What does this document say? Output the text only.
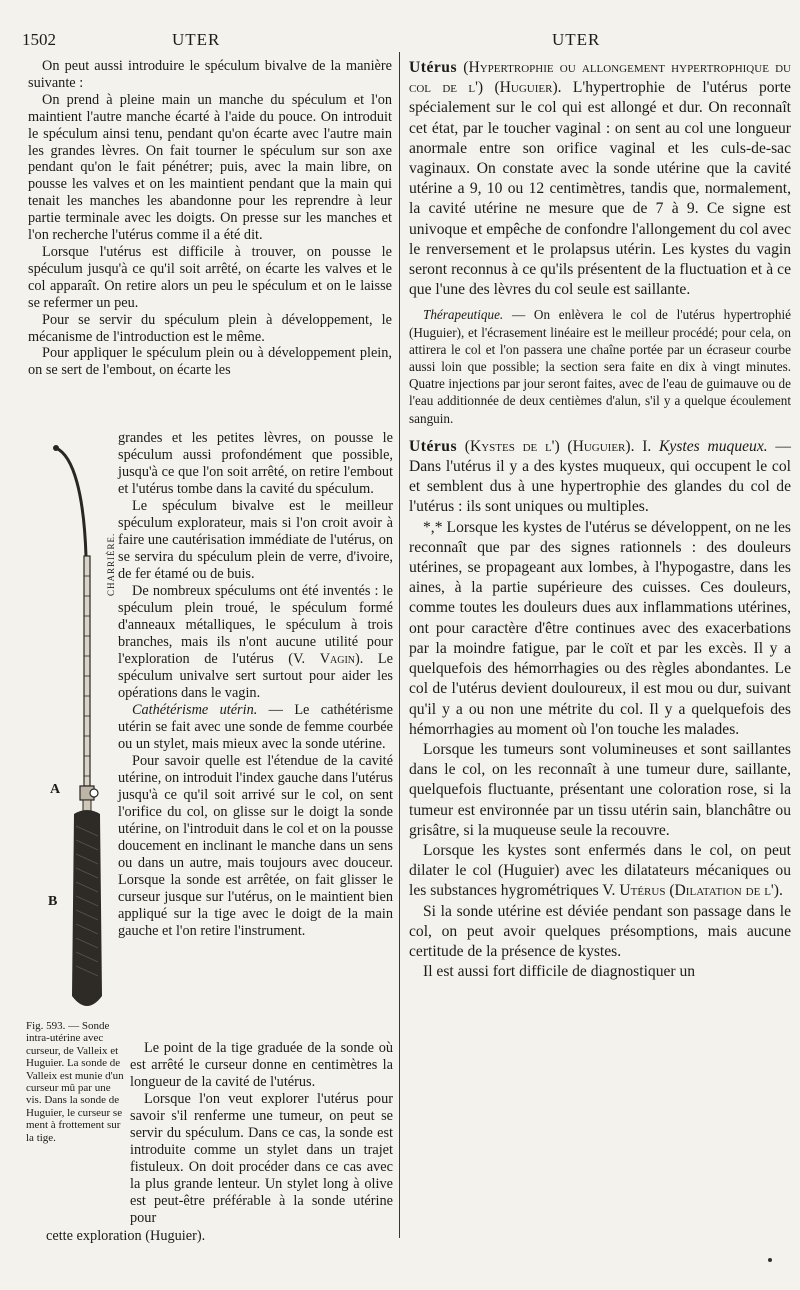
1502	UTER	UTER

On peut aussi introduire le spéculum bivalve de la manière suivante :

On prend à pleine main un manche du spéculum et l'on maintient l'autre manche écarté à l'aide du pouce. On introduit le spéculum ainsi tenu, pendant qu'on écarte avec l'autre main les grandes lèvres. On fait tourner le spéculum sur son axe pendant qu'on le fait pénétrer; puis, avec la main libre, on pousse les valves et on les maintient pendant que la main qui tenait les manches les abandonne pour les reprendre à leur partie terminale avec les doigts. On presse sur les manches et l'on recherche l'utérus comme il a été dit.

Lorsque l'utérus est difficile à trouver, on pousse le spéculum jusqu'à ce qu'il soit arrêté, on écarte les valves et le col apparaît. On retire alors un peu le spéculum et on le laisse se refermer un peu.

Pour se servir du spéculum plein à développement, le mécanisme de l'introduction est le même.

Pour appliquer le spéculum plein ou à développement plein, on se sert de l'embout, on écarte les

A
B
CHARRIÈRE.

grandes et les petites lèvres, on pousse le spéculum aussi profondément que possible, jusqu'à ce que l'on soit arrêté, on retire l'embout et l'utérus tombe dans la cavité du spéculum.

Le spéculum bivalve est le meilleur spéculum explorateur, mais si l'on croit avoir à faire une cautérisation immédiate de l'utérus, on se servira du spéculum plein de verre, d'ivoire, de fer étamé ou de buis.

De nombreux spéculums ont été inventés : le spéculum plein troué, le spéculum formé d'anneaux métalliques, le spéculum à trois branches, mais ils n'ont aucune utilité pour l'exploration de l'utérus (V. Vagin). Le spéculum univalve sert surtout pour aider les opérations dans le vagin.

Cathétérisme utérin. — Le cathétérisme utérin se fait avec une sonde de femme courbée ou un stylet, mais mieux avec la sonde utérine.

Pour savoir quelle est l'étendue de la cavité utérine, on introduit l'index gauche dans l'utérus jusqu'à ce qu'il soit arrivé sur le col, on sent l'orifice du col, on glisse sur le doigt la sonde utérine, on l'introduit dans le col et on la pousse doucement en inclinant le manche dans un sens ou dans un autre, mais toujours avec douceur. Lorsque la sonde est arrêtée, on fait glisser le curseur jusque sur l'utérus, on le maintient bien appliqué sur la tige avec le doigt de la main gauche et l'on retire l'instrument.

Fig. 593. — Sonde intra-utérine avec curseur, de Valleix et Huguier. La sonde de Valleix est munie d'un curseur mû par une vis. Dans la sonde de Huguier, le curseur se ment à frottement sur la tige.

Le point de la tige graduée de la sonde où est arrêté le curseur donne en centimètres la longueur de la cavité de l'utérus.

Lorsque l'on veut explorer l'utérus pour savoir s'il renferme une tumeur, on peut se servir du spéculum. Dans ce cas, la sonde est introduite comme un stylet dans un trajet fistuleux. On doit procéder dans ce cas avec la plus grande lenteur. Un stylet long à olive est peut-être préférable à la sonde utérine pour

cette exploration (Huguier).

Utérus (Hypertrophie ou allongement hypertrophique du col de l') (Huguier). L'hypertrophie de l'utérus porte spécialement sur le col qui est allongé et dur. On reconnaît cet état, par le toucher vaginal : on sent au col une longueur anormale entre son orifice vaginal et les culs-de-sac vaginaux. On constate avec la sonde utérine que la cavité utérine a 9, 10 ou 12 centimètres, tandis que, normalement, la cavité utérine ne mesure que de 7 à 9. Ce signe est univoque et empêche de confondre l'allongement du col avec le renversement et le prolapsus utérin. Les kystes du vagin seront reconnus à ce qu'ils présentent de la fluctuation et à ce que l'une des lèvres du col seule est saillante.

Thérapeutique. — On enlèvera le col de l'utérus hypertrophié (Huguier), et l'écrasement linéaire est le meilleur procédé; pour cela, on attirera le col et l'on passera une chaîne portée par un écraseur courbe aussi loin que possible; la section sera faite en dix à vingt minutes. Quatre injections par jour seront faites, avec de l'eau de guimauve ou de l'eau additionnée de deux centièmes d'alun, s'il y a quelque écoulement sanguin.

Utérus (Kystes de l') (Huguier). I. Kystes muqueux. — Dans l'utérus il y a des kystes muqueux, qui occupent le col et semblent dus à une hypertrophie des glandes du col de l'utérus : ils sont uniques ou multiples.

*,* Lorsque les kystes de l'utérus se développent, on ne les reconnaît que par des signes rationnels : des douleurs utérines, se propageant aux lombes, à l'hypogastre, dans les aines, à la partie supérieure des cuisses. Ces douleurs, comme toutes les douleurs dues aux inflammations utérines, ont pour caractère d'être continues avec des exacerbations par la moindre fatigue, par le coït et par les excès. Il y a quelquefois des hémorrhagies ou des règles abondantes. Le col de l'utérus devient douloureux, il est mou ou dur, suivant qu'il y a ou non une métrite du col. Il y a quelquefois des hémorrhagies au moment où l'on touche les malades.

Lorsque les tumeurs sont volumineuses et sont saillantes dans le col, on les reconnaît à une tumeur dure, saillante, quelquefois fluctuante, présentant une coloration rose, si la tumeur est environnée par un tissu utérin sain, blanchâtre ou grisâtre, si la muqueuse seule la recouvre.

Lorsque les kystes sont enfermés dans le col, on peut dilater le col (Huguier) avec les dilatateurs mécaniques ou les substances hygrométriques V. Utérus (Dilatation de l').

Si la sonde utérine est déviée pendant son passage dans le col, on peut avoir quelques présomptions, mais aucune certitude de la présence de kystes.

Il est aussi fort difficile de diagnostiquer un
